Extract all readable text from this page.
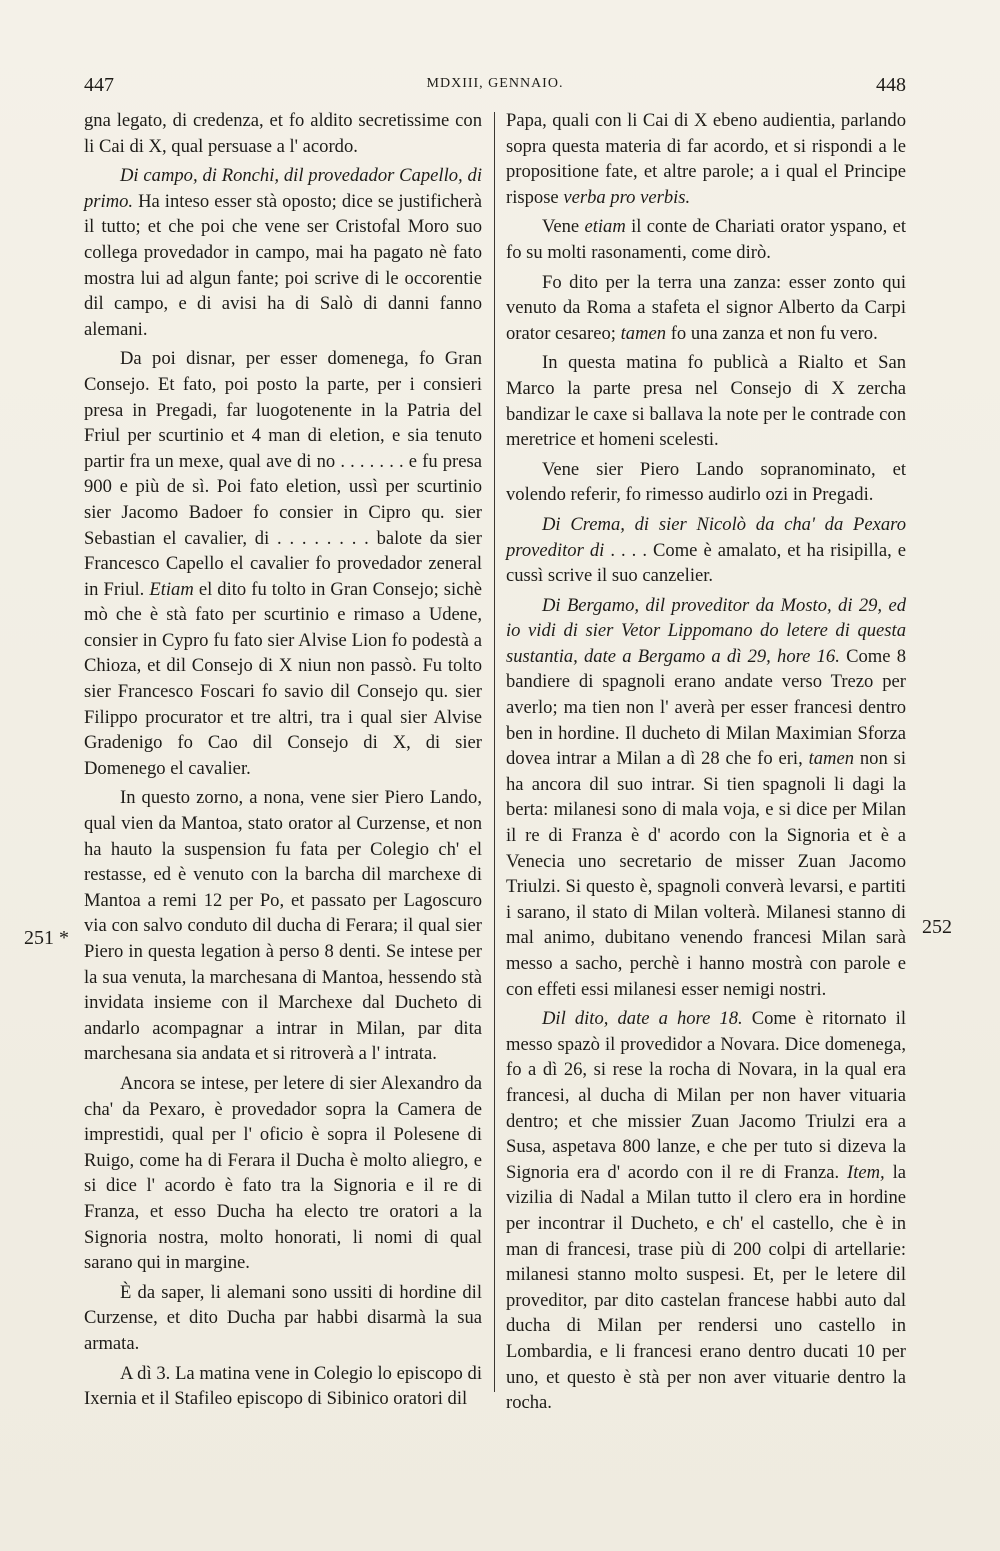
447	MDXIII, GENNAIO.	448
251 *	252

gna legato, di credenza, et fo aldito secretissime con li Cai di X, qual persuase a l' acordo.

Di campo, di Ronchi, dil provedador Capello, di primo. Ha inteso esser stà oposto; dice se justificherà il tutto; et che poi che vene ser Cristofal Moro suo collega provedador in campo, mai ha pagato nè fato mostra lui ad algun fante; poi scrive di le occorentie dil campo, e di avisi ha di Salò di danni fanno alemani.

Da poi disnar, per esser domenega, fo Gran Consejo. Et fato, poi posto la parte, per i consieri presa in Pregadi, far luogotenente in la Patria del Friul per scurtinio et 4 man di eletion, e sia tenuto partir fra un mexe, qual ave di no . . . . . . . e fu presa 900 e più de sì. Poi fato eletion, ussì per scurtinio sier Jacomo Badoer fo consier in Cipro qu. sier Sebastian el cavalier, di . . . . . . . . balote da sier Francesco Capello el cavalier fo provedador zeneral in Friul. Etiam el dito fu tolto in Gran Consejo; sichè mò che è stà fato per scurtinio e rimaso a Udene, consier in Cypro fu fato sier Alvise Lion fo podestà a Chioza, et dil Consejo di X niun non passò. Fu tolto sier Francesco Foscari fo savio dil Consejo qu. sier Filippo procurator et tre altri, tra i qual sier Alvise Gradenigo fo Cao dil Consejo di X, di sier Domenego el cavalier.

In questo zorno, a nona, vene sier Piero Lando, qual vien da Mantoa, stato orator al Curzense, et non ha hauto la suspension fu fata per Colegio ch' el restasse, ed è venuto con la barcha dil marchexe di Mantoa a remi 12 per Po, et passato per Lagoscuro via con salvo conduto dil ducha di Ferara; il qual sier Piero in questa legation à perso 8 denti. Se intese per la sua venuta, la marchesana di Mantoa, hessendo stà invidata insieme con il Marchexe dal Ducheto di andarlo acompagnar a intrar in Milan, par dita marchesana sia andata et si ritroverà a l' intrata.

Ancora se intese, per letere di sier Alexandro da cha' da Pexaro, è provedador sopra la Camera de imprestidi, qual per l' oficio è sopra il Polesene di Ruigo, come ha di Ferara il Ducha è molto aliegro, e si dice l' acordo è fato tra la Signoria e il re di Franza, et esso Ducha ha electo tre oratori a la Signoria nostra, molto honorati, li nomi di qual sarano qui in margine.

È da saper, li alemani sono ussiti di hordine dil Curzense, et dito Ducha par habbi disarmà la sua armata.

A dì 3. La matina vene in Colegio lo episcopo di Ixernia et il Stafileo episcopo di Sibinico oratori dil

Papa, quali con li Cai di X ebeno audientia, parlando sopra questa materia di far acordo, et si rispondi a le propositione fate, et altre parole; a i qual el Principe rispose verba pro verbis.

Vene etiam il conte de Chariati orator yspano, et fo su molti rasonamenti, come dirò.

Fo dito per la terra una zanza: esser zonto qui venuto da Roma a stafeta el signor Alberto da Carpi orator cesareo; tamen fo una zanza et non fu vero.

In questa matina fo publicà a Rialto et San Marco la parte presa nel Consejo di X zercha bandizar le caxe si ballava la note per le contrade con meretrice et homeni scelesti.

Vene sier Piero Lando sopranominato, et volendo referir, fo rimesso audirlo ozi in Pregadi.

Di Crema, di sier Nicolò da cha' da Pexaro proveditor di . . . . Come è amalato, et ha risipilla, e cussì scrive il suo canzelier.

Di Bergamo, dil proveditor da Mosto, di 29, ed io vidi di sier Vetor Lippomano do letere di questa sustantia, date a Bergamo a dì 29, hore 16. Come 8 bandiere di spagnoli erano andate verso Trezo per averlo; ma tien non l' averà per esser francesi dentro ben in hordine. Il ducheto di Milan Maximian Sforza dovea intrar a Milan a dì 28 che fo eri, tamen non si ha ancora dil suo intrar. Si tien spagnoli li dagi la berta: milanesi sono di mala voja, e si dice per Milan il re di Franza è d' acordo con la Signoria et è a Venecia uno secretario de misser Zuan Jacomo Triulzi. Si questo è, spagnoli converà levarsi, e partiti i sarano, il stato di Milan volterà. Milanesi stanno di mal animo, dubitano venendo francesi Milan sarà messo a sacho, perchè i hanno mostrà con parole e con effeti essi milanesi esser nemigi nostri.

Dil dito, date a hore 18. Come è ritornato il messo spazò il provedidor a Novara. Dice domenega, fo a dì 26, si rese la rocha di Novara, in la qual era francesi, al ducha di Milan per non haver vituaria dentro; et che missier Zuan Jacomo Triulzi era a Susa, aspetava 800 lanze, e che per tuto si dizeva la Signoria era d' acordo con il re di Franza. Item, la vizilia di Nadal a Milan tutto il clero era in hordine per incontrar il Ducheto, e ch' el castello, che è in man di francesi, trase più di 200 colpi di artellarie: milanesi stanno molto suspesi. Et, per le letere dil proveditor, par dito castelan francese habbi auto dal ducha di Milan per rendersi uno castello in Lombardia, e li francesi erano dentro ducati 10 per uno, et questo è stà per non aver vituarie dentro la rocha.
